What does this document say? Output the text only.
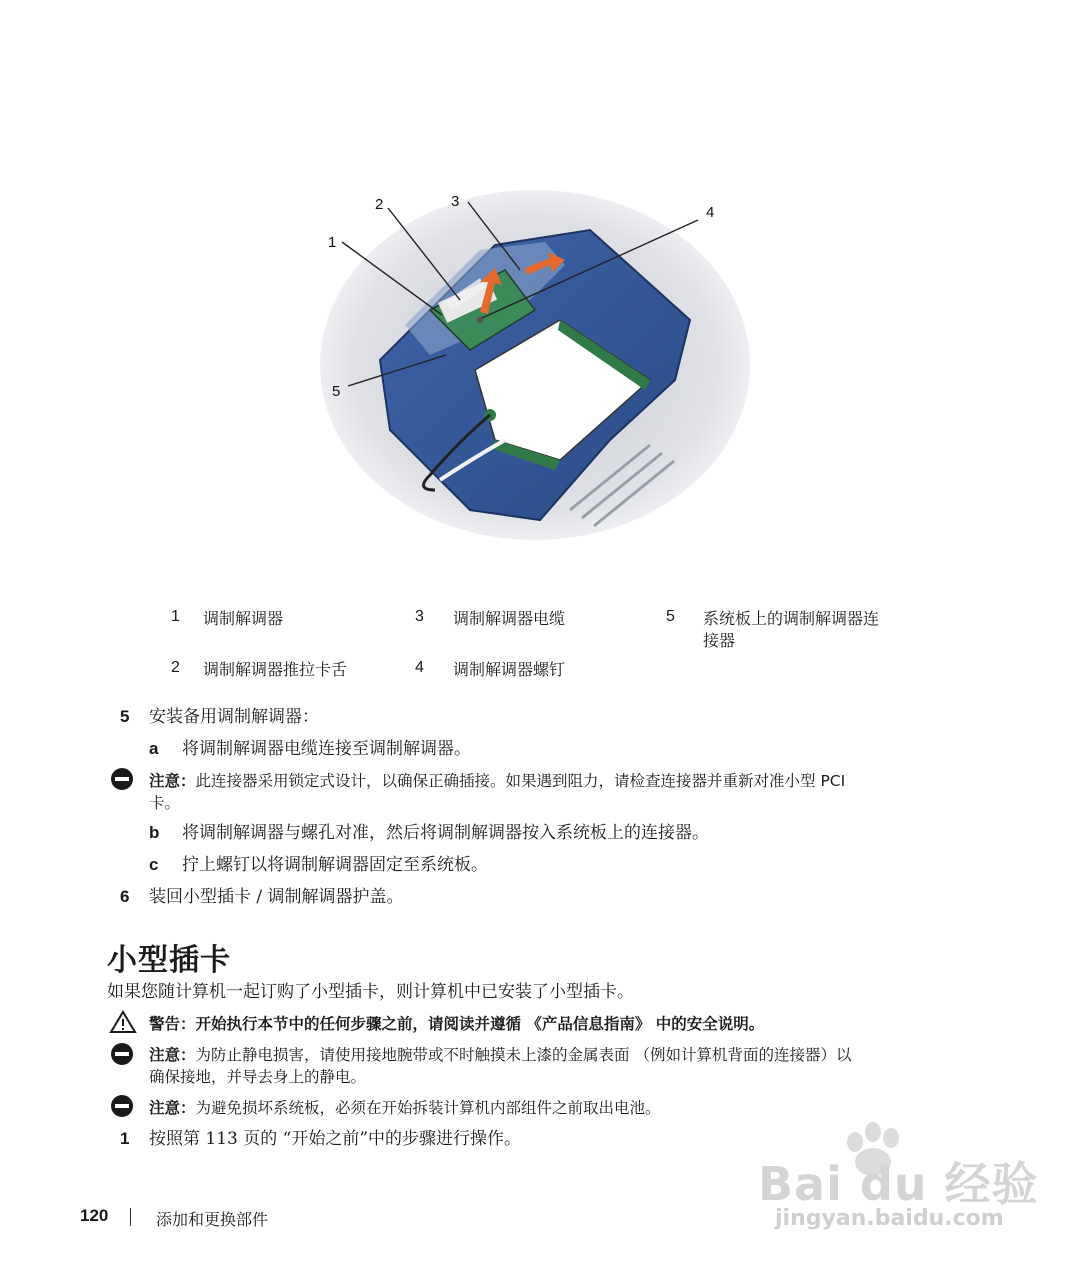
1
2	3
4
5
1 调制解调器	3 调制解调器电缆	5 系统板上的调制解调器连
接器
2 调制解调器推拉卡舌	4 调制解调器螺钉
5 安装备用调制解调器：
a 将调制解调器电缆连接至调制解调器。
注意：此连接器采用锁定式设计，以确保正确插接。如果遇到阻力，请检查连接器并重新对准小型 PCI
卡。
b 将调制解调器与螺孔对准，然后将调制解调器按入系统板上的连接器。
c 拧上螺钉以将调制解调器固定至系统板。
6 装回小型插卡 / 调制解调器护盖。
小型插卡
如果您随计算机一起订购了小型插卡，则计算机中已安装了小型插卡。
警告：开始执行本节中的任何步骤之前，请阅读并遵循 《产品信息指南》 中的安全说明。
注意：为防止静电损害，请使用接地腕带或不时触摸未上漆的金属表面 （例如计算机背面的连接器）以
确保接地，并导去身上的静电。
注意：为避免损坏系统板，必须在开始拆装计算机内部组件之前取出电池。
1 按照第 113 页的 “开始之前”中的步骤进行操作。
120	添加和更换部件
Bai du 经验
jingyan.baidu.com
